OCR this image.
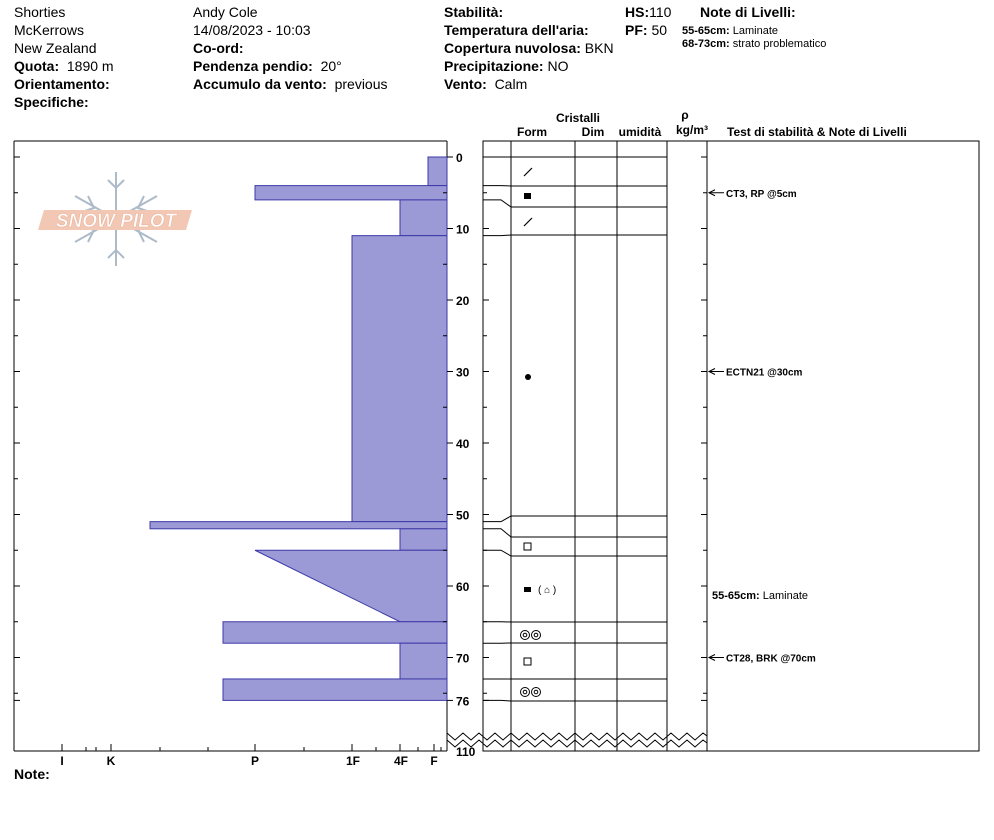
Shorties
McKerrows
New Zealand
Quota: 1890 m
Orientamento:
Specifiche:
Andy Cole
14/08/2023 - 10:03
Co-ord:
Pendenza pendio: 20°
Accumulo da vento: previous
Stabilità:
Temperatura dell'aria:
Copertura nuvolosa: BKN
Precipitazione: NO
Vento: Calm
HS:110
PF: 50
Note di Livelli:
55-65cm: Laminate
68-73cm: strato problematico
SNOW PILOT
I	K	P	1F	4F F
0
10
20
30
40
50
60
70
76
110
Cristalli
Form	Dim umidità
ρ
kg/m³ Test di stabilità & Note di Livelli
( ⌂ )
CT3, RP @5cm
ECTN21 @30cm
CT28, BRK @70cm
55-65cm: Laminate
Note:
